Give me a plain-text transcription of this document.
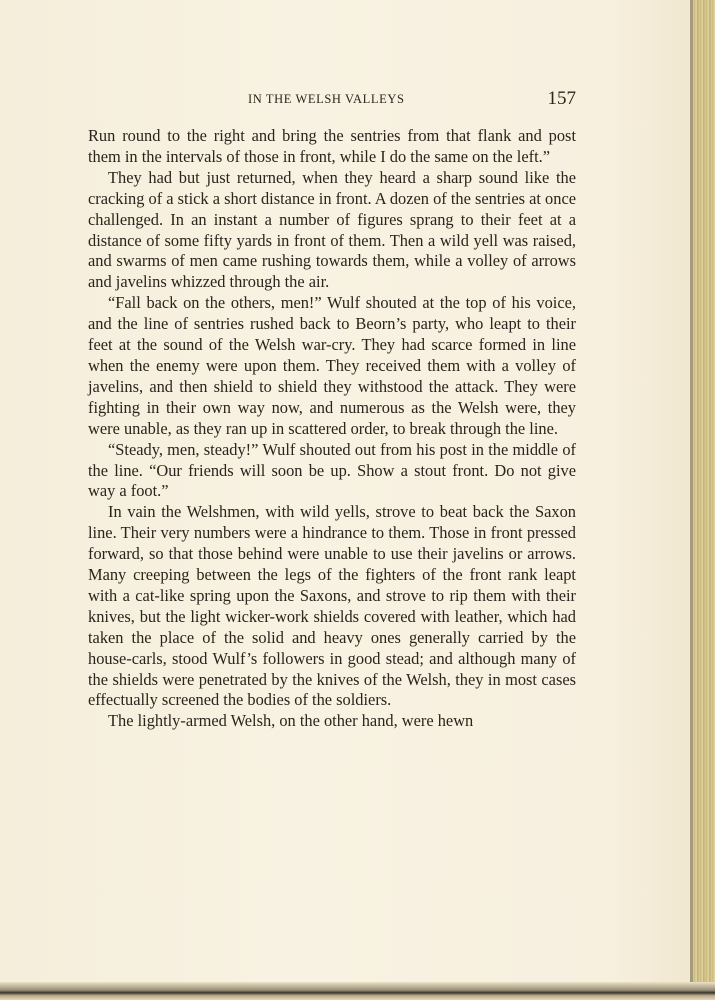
IN THE WELSH VALLEYS	157

Run round to the right and bring the sentries from that flank and post them in the intervals of those in front, while I do the same on the left.”

They had but just returned, when they heard a sharp sound like the cracking of a stick a short distance in front. A dozen of the sentries at once challenged. In an instant a number of figures sprang to their feet at a distance of some fifty yards in front of them. Then a wild yell was raised, and swarms of men came rushing towards them, while a volley of arrows and javelins whizzed through the air.

“Fall back on the others, men!” Wulf shouted at the top of his voice, and the line of sentries rushed back to Beorn’s party, who leapt to their feet at the sound of the Welsh war-cry. They had scarce formed in line when the enemy were upon them. They received them with a volley of javelins, and then shield to shield they withstood the attack. They were fighting in their own way now, and numerous as the Welsh were, they were unable, as they ran up in scattered order, to break through the line.

“Steady, men, steady!” Wulf shouted out from his post in the middle of the line. “Our friends will soon be up. Show a stout front. Do not give way a foot.”

In vain the Welshmen, with wild yells, strove to beat back the Saxon line. Their very numbers were a hindrance to them. Those in front pressed forward, so that those behind were unable to use their javelins or arrows. Many creeping between the legs of the fighters of the front rank leapt with a cat-like spring upon the Saxons, and strove to rip them with their knives, but the light wicker-work shields covered with leather, which had taken the place of the solid and heavy ones generally carried by the house-carls, stood Wulf’s followers in good stead; and although many of the shields were penetrated by the knives of the Welsh, they in most cases effectually screened the bodies of the soldiers.

The lightly-armed Welsh, on the other hand, were hewn
